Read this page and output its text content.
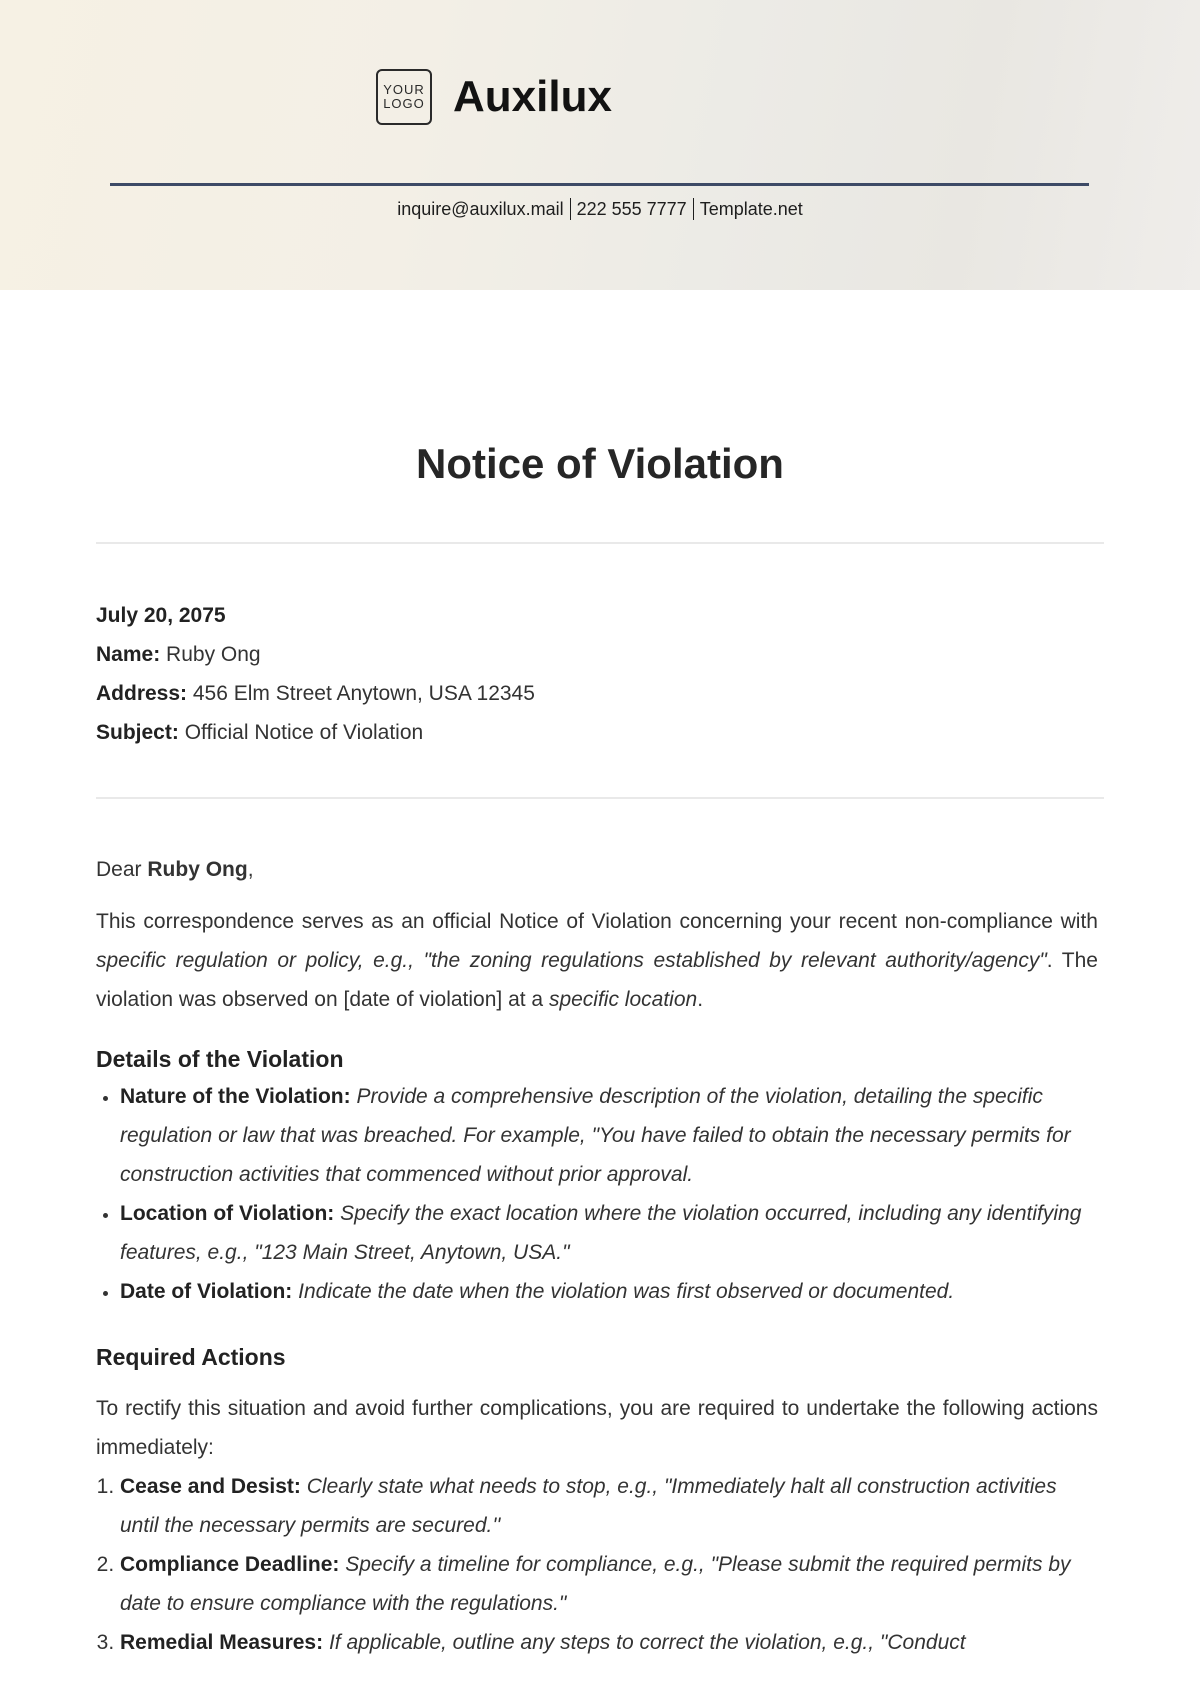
YOUR
LOGO Auxilux
inquire@auxilux.mail 222 555 7777 Template.net
Notice of Violation
July 20, 2075
Name: Ruby Ong
Address: 456 Elm Street Anytown, USA 12345
Subject: Official Notice of Violation

Dear Ruby Ong,

This correspondence serves as an official Notice of Violation concerning your recent non-compliance with specific regulation or policy, e.g., "the zoning regulations established by relevant authority/agency". The violation was observed on [date of violation] at a specific location.

Details of the Violation
• Nature of the Violation: Provide a comprehensive description of the violation, detailing the specific regulation or law that was breached. For example, "You have failed to obtain the necessary permits for construction activities that commenced without prior approval.
• Location of Violation: Specify the exact location where the violation occurred, including any identifying features, e.g., "123 Main Street, Anytown, USA."
• Date of Violation: Indicate the date when the violation was first observed or documented.
Required Actions

To rectify this situation and avoid further complications, you are required to undertake the following actions immediately:

1. Cease and Desist: Clearly state what needs to stop, e.g., "Immediately halt all construction activities until the necessary permits are secured.''
2. Compliance Deadline: Specify a timeline for compliance, e.g., "Please submit the required permits by date to ensure compliance with the regulations."
3. Remedial Measures: If applicable, outline any steps to correct the violation, e.g., "Conduct
